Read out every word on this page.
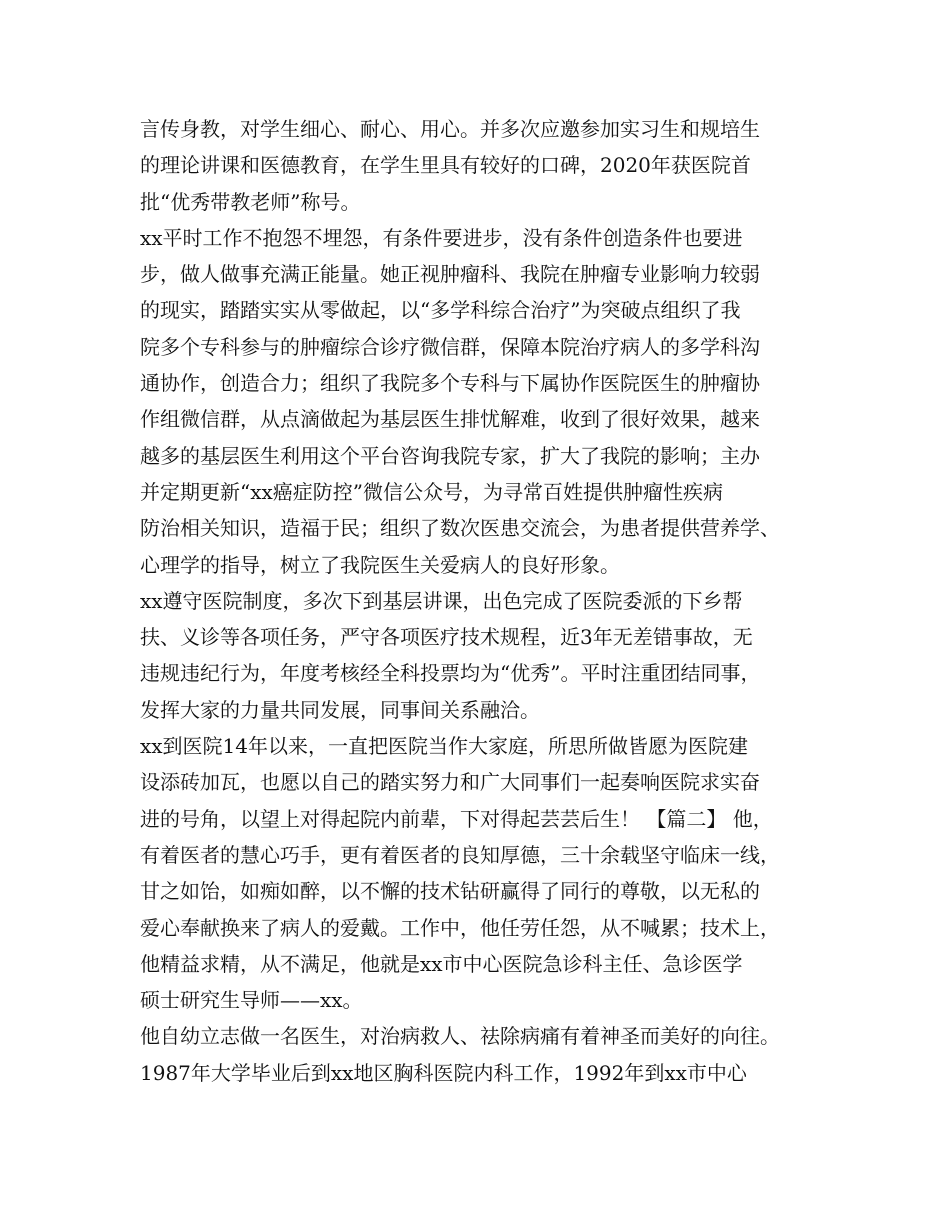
言传身教，对学生细心、耐心、用心。并多次应邀参加实习生和规培生
的理论讲课和医德教育，在学生里具有较好的口碑，2020年获医院首
批“优秀带教老师”称号。
xx平时工作不抱怨不埋怨，有条件要进步，没有条件创造条件也要进
步，做人做事充满正能量。她正视肿瘤科、我院在肿瘤专业影响力较弱
的现实，踏踏实实从零做起，以“多学科综合治疗”为突破点组织了我
院多个专科参与的肿瘤综合诊疗微信群，保障本院治疗病人的多学科沟
通协作，创造合力；组织了我院多个专科与下属协作医院医生的肿瘤协
作组微信群，从点滴做起为基层医生排忧解难，收到了很好效果，越来
越多的基层医生利用这个平台咨询我院专家，扩大了我院的影响；主办
并定期更新“xx癌症防控”微信公众号，为寻常百姓提供肿瘤性疾病
防治相关知识，造福于民；组织了数次医患交流会，为患者提供营养学、
心理学的指导，树立了我院医生关爱病人的良好形象。
xx遵守医院制度，多次下到基层讲课，出色完成了医院委派的下乡帮
扶、义诊等各项任务，严守各项医疗技术规程，近3年无差错事故，无
违规违纪行为，年度考核经全科投票均为“优秀”。平时注重团结同事，
发挥大家的力量共同发展，同事间关系融洽。
xx到医院14年以来，一直把医院当作大家庭，所思所做皆愿为医院建
设添砖加瓦，也愿以自己的踏实努力和广大同事们一起奏响医院求实奋
进的号角，以望上对得起院内前辈，下对得起芸芸后生！ 【篇二】 他，
有着医者的慧心巧手，更有着医者的良知厚德，三十余载坚守临床一线，
甘之如饴，如痴如醉，以不懈的技术钻研赢得了同行的尊敬，以无私的
爱心奉献换来了病人的爱戴。工作中，他任劳任怨，从不喊累；技术上，
他精益求精，从不满足，他就是xx市中心医院急诊科主任、急诊医学
硕士研究生导师——xx。
他自幼立志做一名医生，对治病救人、祛除病痛有着神圣而美好的向往。
1987年大学毕业后到xx地区胸科医院内科工作，1992年到xx市中心
